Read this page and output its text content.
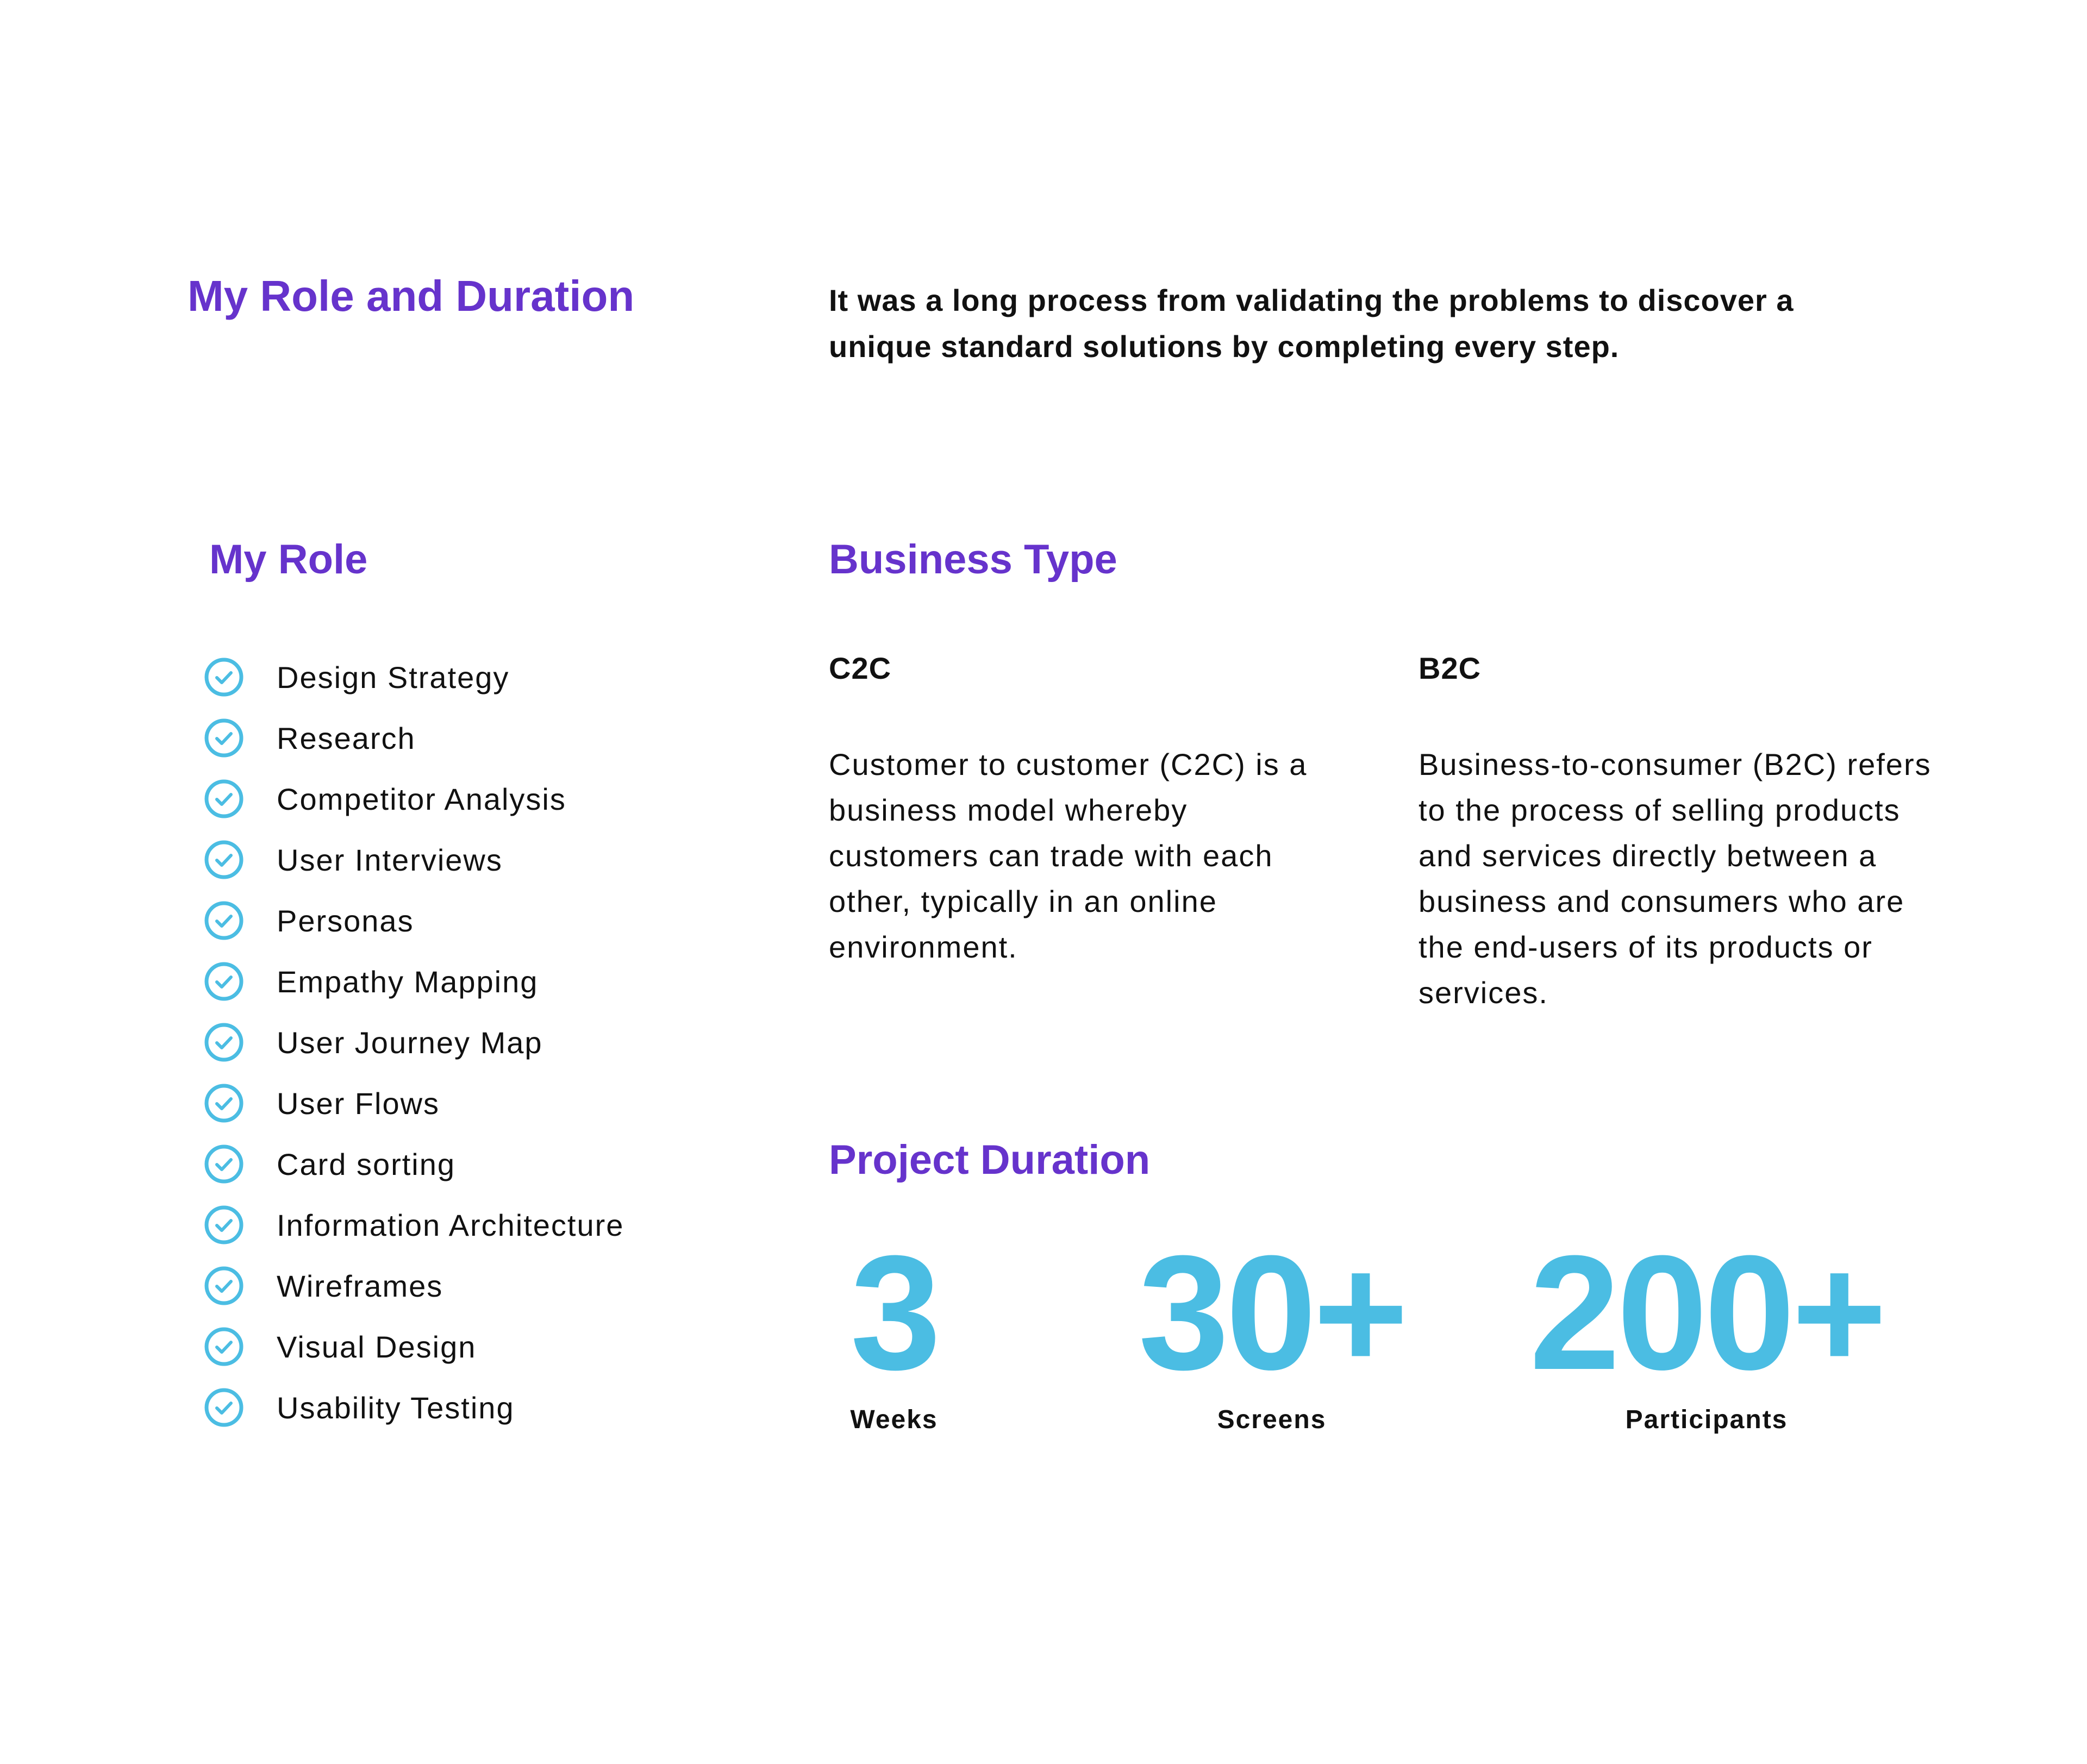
My Role and Duration	It was a long process from validating the problems to discover a unique standard solutions by completing every step.

My Role
Design Strategy
Research
Competitor Analysis
User Interviews
Personas
Empathy Mapping
User Journey Map
User Flows
Card sorting
Information Architecture
Wireframes
Visual Design
Usability Testing
Business Type

C2C

Customer to customer (C2C) is a business model whereby customers can trade with each other, typically in an online environment.

B2C

Business-to-consumer (B2C) refers to the process of selling products and services directly between a business and consumers who are the end-users of its products or services.

Project Duration
3
Weeks
30+
Screens
200+
Participants
